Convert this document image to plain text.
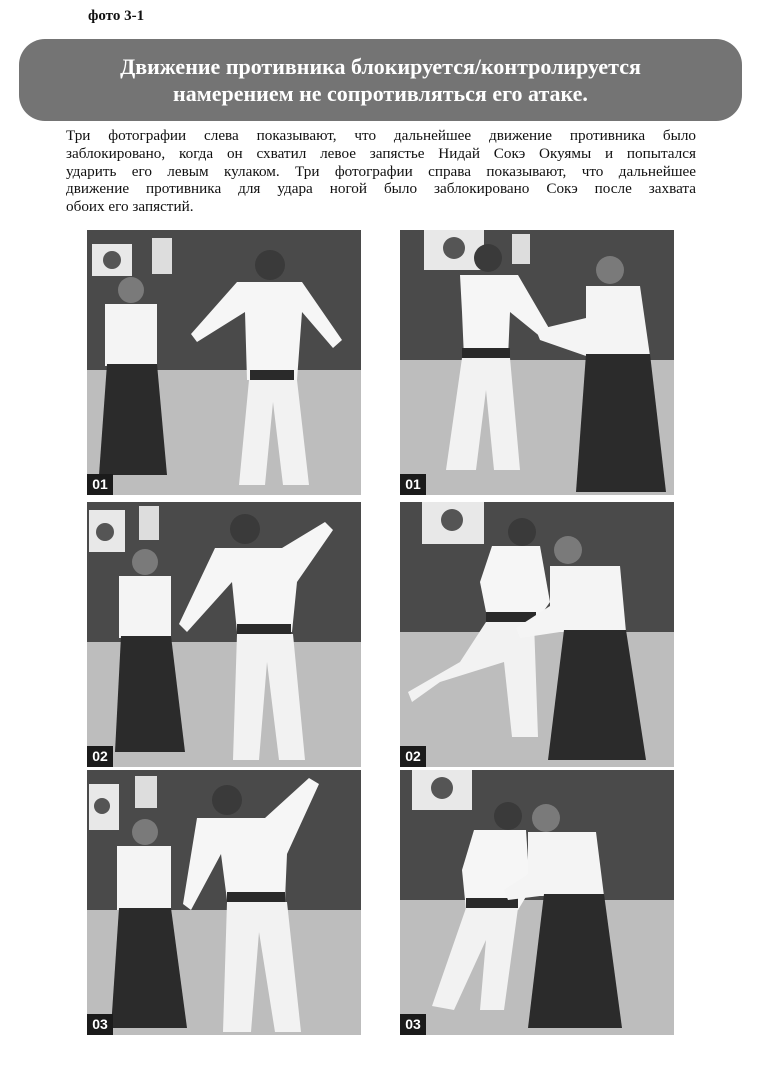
фото 3-1
Движение противника блокируется/контролируется
намерением не сопротивляться его атаке.
Три фотографии слева показывают, что дальнейшее движение противника было
заблокировано, когда он схватил левое запястье Нидай Сокэ Окуямы и попытался
ударить его левым кулаком. Три фотографии справа показывают, что дальнейшее
движение противника для удара ногой было заблокировано Сокэ после захвата
обоих его запястий.
01
02
03
01
02
03
